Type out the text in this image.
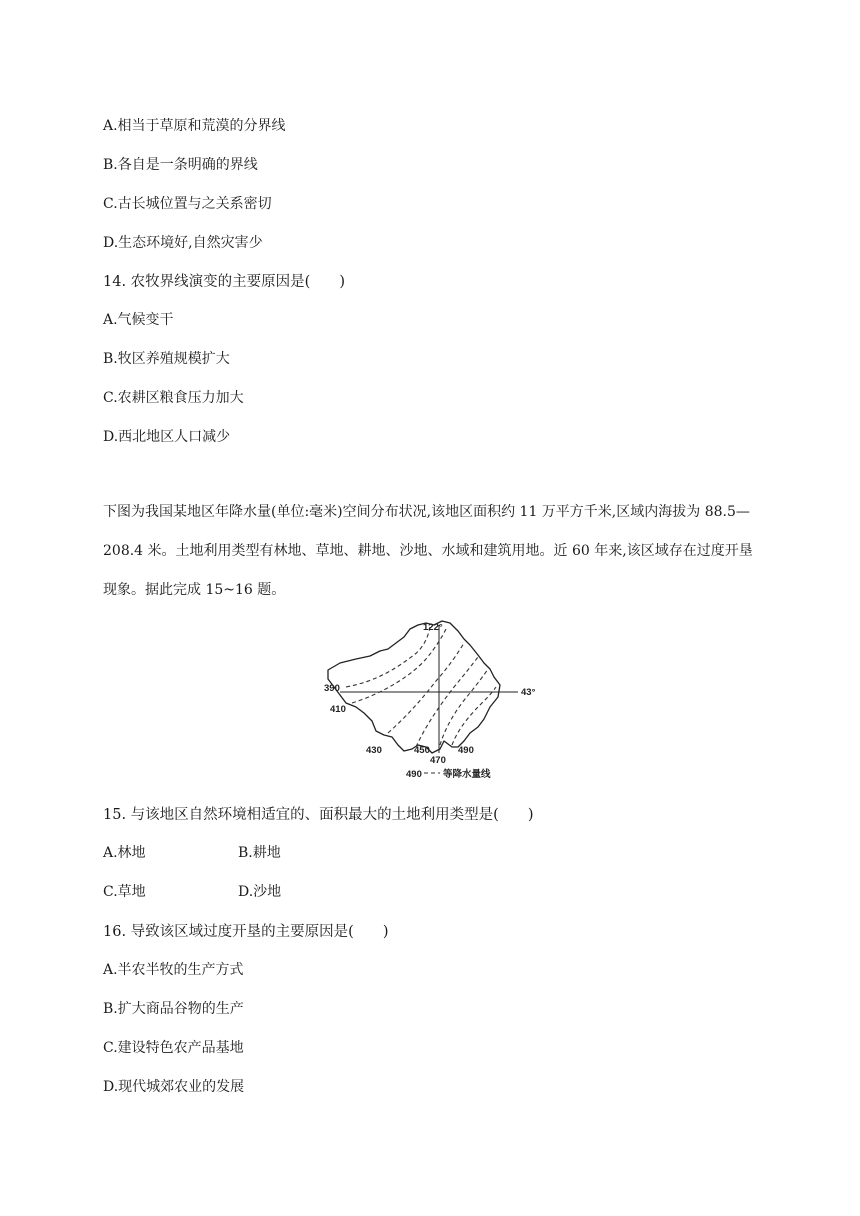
A.相当于草原和荒漠的分界线
B.各自是一条明确的界线
C.古长城位置与之关系密切
D.生态环境好,自然灾害少
14. 农牧界线演变的主要原因是(　　)
A.气候变干
B.牧区养殖规模扩大
C.农耕区粮食压力加大
D.西北地区人口减少
下图为我国某地区年降水量(单位:毫米)空间分布状况,该地区面积约 11 万平方千米,区域内海拔为 88.5—208.4 米。土地利用类型有林地、草地、耕地、沙地、水域和建筑用地。近 60 年来,该区域存在过度开垦现象。据此完成 15~16 题。
122°
43°
390
410
430	450
470
490
490 等降水量线
15. 与该地区自然环境相适宜的、面积最大的土地利用类型是(　　)
A.林地	B.耕地
C.草地	D.沙地
16. 导致该区域过度开垦的主要原因是(　　)
A.半农半牧的生产方式
B.扩大商品谷物的生产
C.建设特色农产品基地
D.现代城郊农业的发展
